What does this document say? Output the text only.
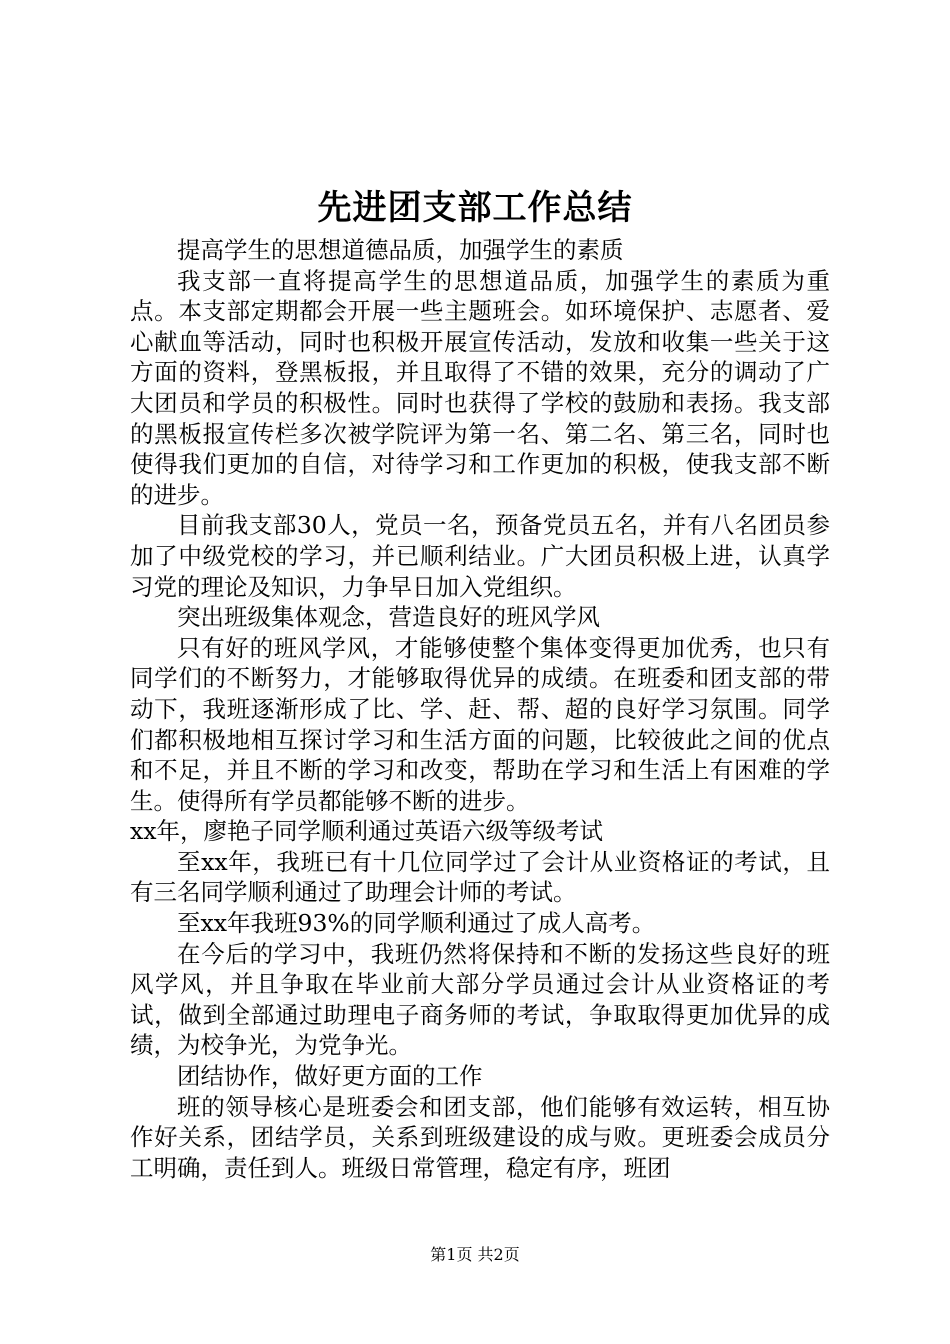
先进团支部工作总结

提高学生的思想道德品质，加强学生的素质

我支部一直将提高学生的思想道品质，加强学生的素质为重点。本支部定期都会开展一些主题班会。如环境保护、志愿者、爱心献血等活动，同时也积极开展宣传活动，发放和收集一些关于这方面的资料，登黑板报，并且取得了不错的效果，充分的调动了广大团员和学员的积极性。同时也获得了学校的鼓励和表扬。我支部的黑板报宣传栏多次被学院评为第一名、第二名、第三名，同时也使得我们更加的自信，对待学习和工作更加的积极，使我支部不断的进步。

目前我支部30人，党员一名，预备党员五名，并有八名团员参加了中级党校的学习，并已顺利结业。广大团员积极上进，认真学习党的理论及知识，力争早日加入党组织。

突出班级集体观念，营造良好的班风学风

只有好的班风学风，才能够使整个集体变得更加优秀，也只有同学们的不断努力，才能够取得优异的成绩。在班委和团支部的带动下，我班逐渐形成了比、学、赶、帮、超的良好学习氛围。同学们都积极地相互探讨学习和生活方面的问题，比较彼此之间的优点和不足，并且不断的学习和改变，帮助在学习和生活上有困难的学生。使得所有学员都能够不断的进步。

xx年，廖艳子同学顺利通过英语六级等级考试

至xx年，我班已有十几位同学过了会计从业资格证的考试，且有三名同学顺利通过了助理会计师的考试。

至xx年我班93%的同学顺利通过了成人高考。

在今后的学习中，我班仍然将保持和不断的发扬这些良好的班风学风，并且争取在毕业前大部分学员通过会计从业资格证的考试，做到全部通过助理电子商务师的考试，争取取得更加优异的成绩，为校争光，为党争光。

团结协作，做好更方面的工作

班的领导核心是班委会和团支部，他们能够有效运转，相互协作好关系，团结学员，关系到班级建设的成与败。更班委会成员分工明确，责任到人。班级日常管理，稳定有序，班团

第1页 共2页
